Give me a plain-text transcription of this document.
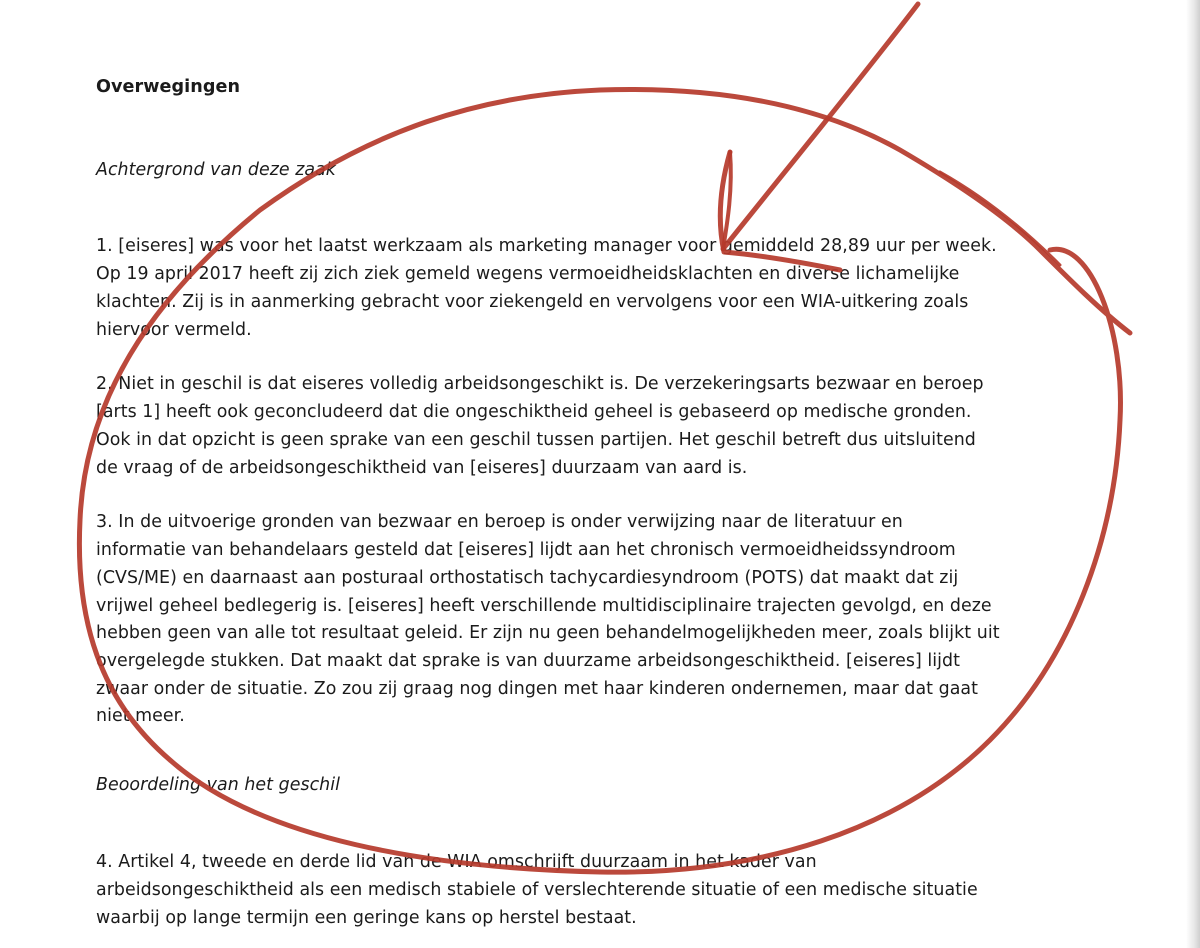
Overwegingen
Achtergrond van deze zaak
1. [eiseres] was voor het laatst werkzaam als marketing manager voor gemiddeld 28,89 uur per week.
Op 19 april 2017 heeft zij zich ziek gemeld wegens vermoeidheidsklachten en diverse lichamelijke
klachten. Zij is in aanmerking gebracht voor ziekengeld en vervolgens voor een WIA-uitkering zoals
hiervoor vermeld.
2. Niet in geschil is dat eiseres volledig arbeidsongeschikt is. De verzekeringsarts bezwaar en beroep
[arts 1] heeft ook geconcludeerd dat die ongeschiktheid geheel is gebaseerd op medische gronden.
Ook in dat opzicht is geen sprake van een geschil tussen partijen. Het geschil betreft dus uitsluitend
de vraag of de arbeidsongeschiktheid van [eiseres] duurzaam van aard is.
3. In de uitvoerige gronden van bezwaar en beroep is onder verwijzing naar de literatuur en
informatie van behandelaars gesteld dat [eiseres] lijdt aan het chronisch vermoeidheidssyndroom
(CVS/ME) en daarnaast aan posturaal orthostatisch tachycardiesyndroom (POTS) dat maakt dat zij
vrijwel geheel bedlegerig is. [eiseres] heeft verschillende multidisciplinaire trajecten gevolgd, en deze
hebben geen van alle tot resultaat geleid. Er zijn nu geen behandelmogelijkheden meer, zoals blijkt uit
overgelegde stukken. Dat maakt dat sprake is van duurzame arbeidsongeschiktheid. [eiseres] lijdt
zwaar onder de situatie. Zo zou zij graag nog dingen met haar kinderen ondernemen, maar dat gaat
niet meer.
Beoordeling van het geschil
4. Artikel 4, tweede en derde lid van de WIA omschrijft duurzaam in het kader van
arbeidsongeschiktheid als een medisch stabiele of verslechterende situatie of een medische situatie
waarbij op lange termijn een geringe kans op herstel bestaat.
